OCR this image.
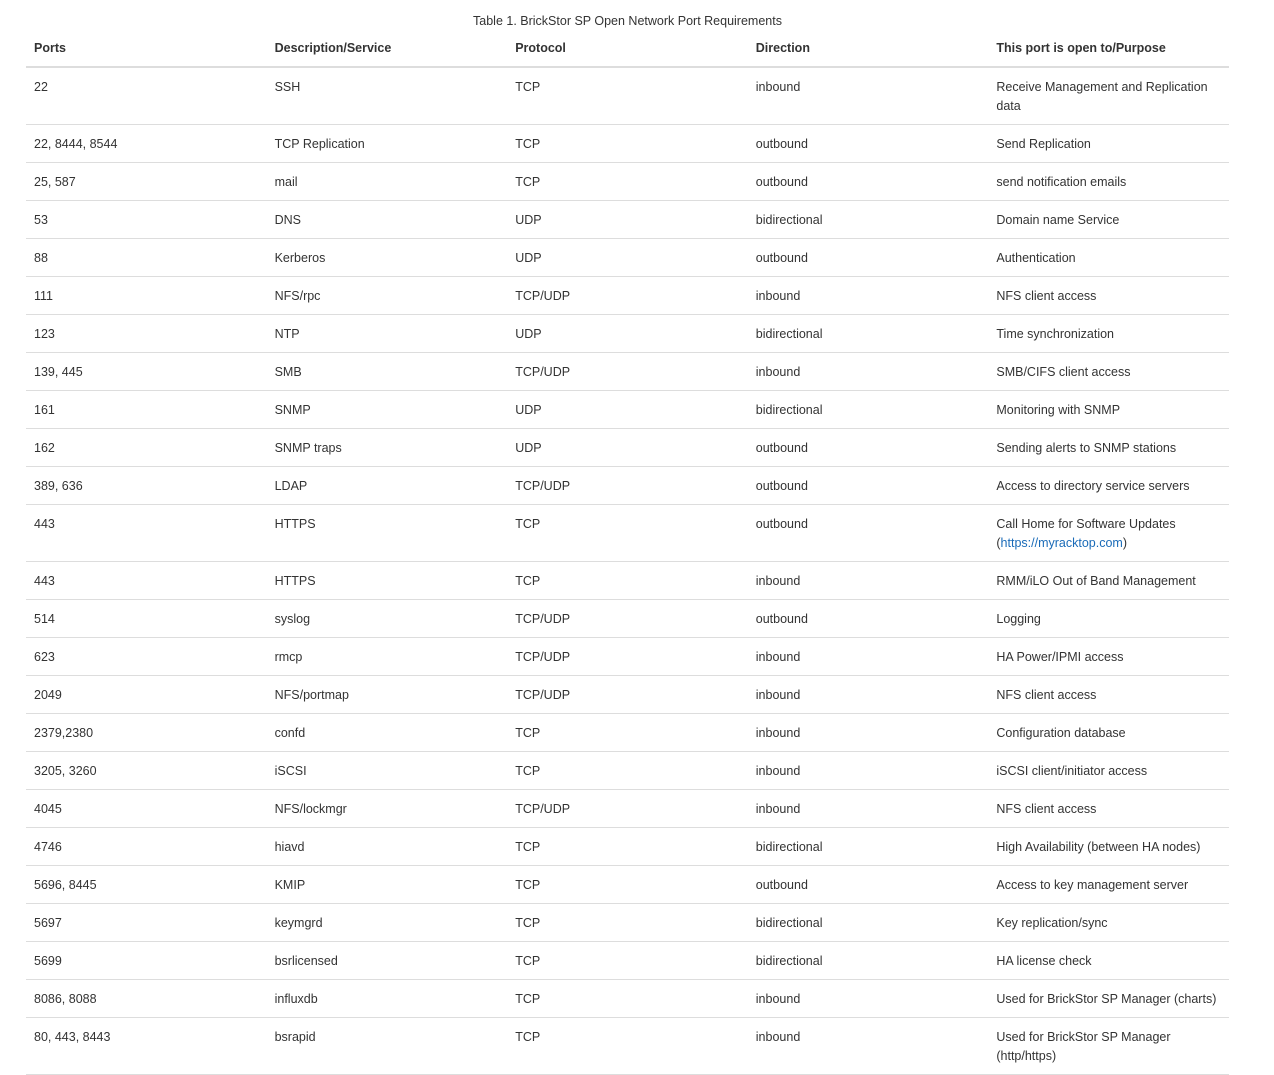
Table 1. BrickStor SP Open Network Port Requirements
Ports	Description/Service	Protocol	Direction	This port is open to/Purpose
22	SSH	TCP	inbound	Receive Management and Replication data
22, 8444, 8544	TCP Replication	TCP	outbound	Send Replication
25, 587	mail	TCP	outbound	send notification emails
53	DNS	UDP	bidirectional	Domain name Service
88	Kerberos	UDP	outbound	Authentication
111	NFS/rpc	TCP/UDP	inbound	NFS client access
123	NTP	UDP	bidirectional	Time synchronization
139, 445	SMB	TCP/UDP	inbound	SMB/CIFS client access
161	SNMP	UDP	bidirectional	Monitoring with SNMP
162	SNMP traps	UDP	outbound	Sending alerts to SNMP stations
389, 636	LDAP	TCP/UDP	outbound	Access to directory service servers
443	HTTPS	TCP	outbound	Call Home for Software Updates
(https://myracktop.com)
443	HTTPS	TCP	inbound	RMM/iLO Out of Band Management
514	syslog	TCP/UDP	outbound	Logging
623	rmcp	TCP/UDP	inbound	HA Power/IPMI access
2049	NFS/portmap	TCP/UDP	inbound	NFS client access
2379,2380	confd	TCP	inbound	Configuration database
3205, 3260	iSCSI	TCP	inbound	iSCSI client/initiator access
4045	NFS/lockmgr	TCP/UDP	inbound	NFS client access
4746	hiavd	TCP	bidirectional	High Availability (between HA nodes)
5696, 8445	KMIP	TCP	outbound	Access to key management server
5697	keymgrd	TCP	bidirectional	Key replication/sync
5699	bsrlicensed	TCP	bidirectional	HA license check
8086, 8088	influxdb	TCP	inbound	Used for BrickStor SP Manager (charts)
80, 443, 8443	bsrapid	TCP	inbound	Used for BrickStor SP Manager (http/https)
